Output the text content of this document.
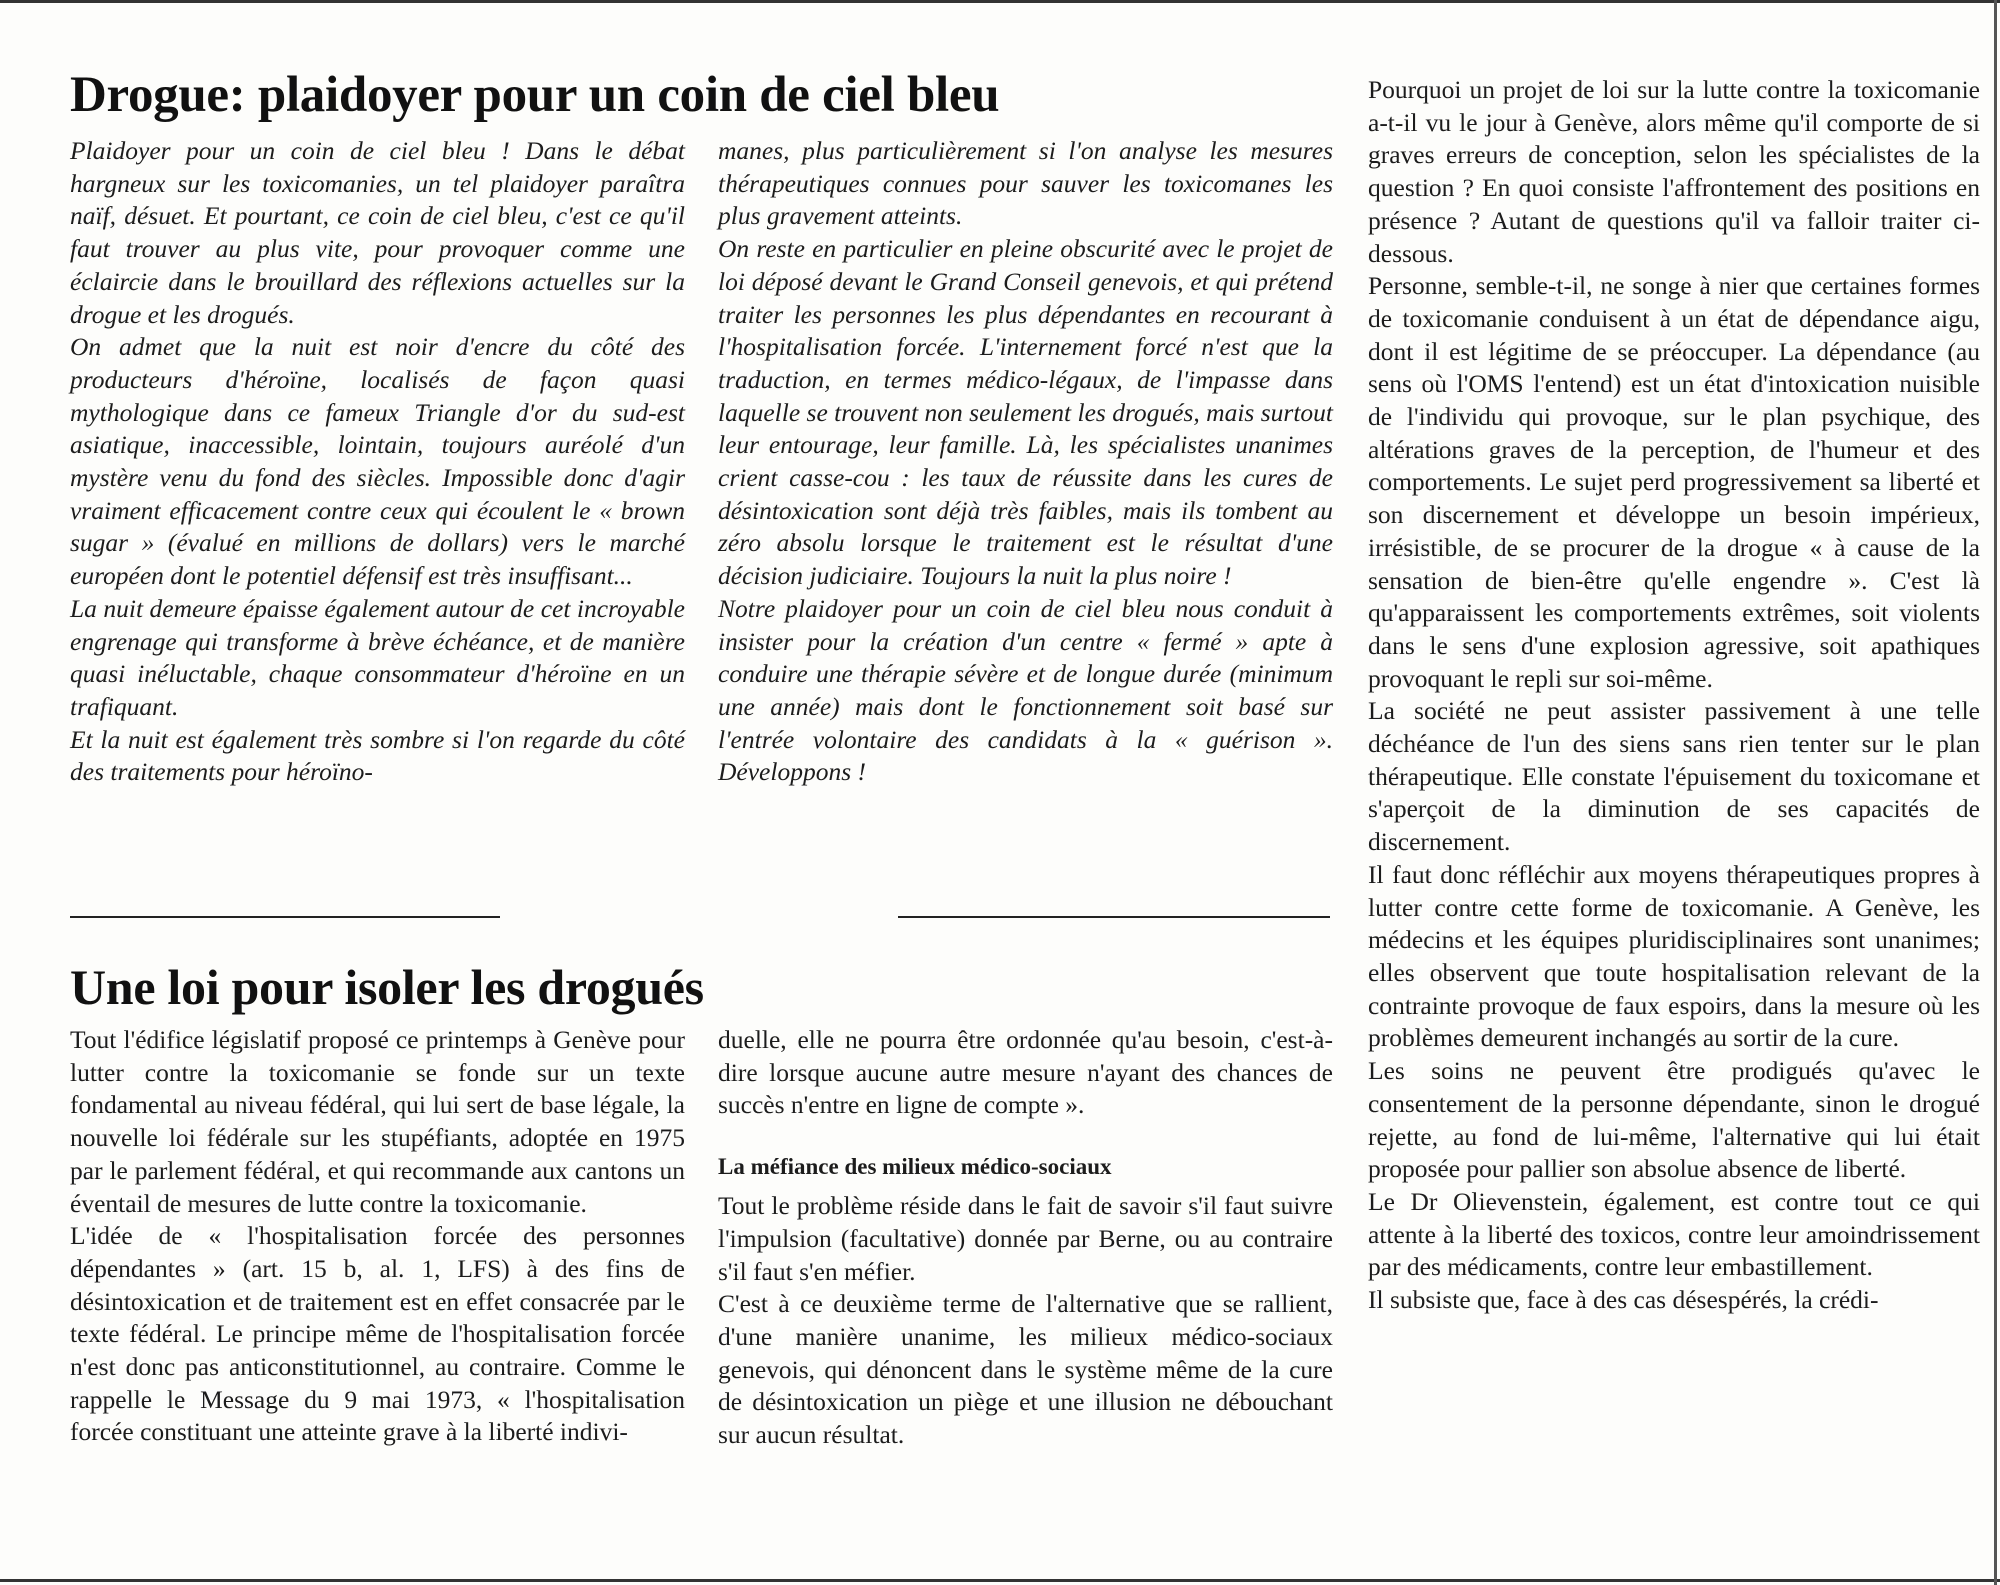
Drogue: plaidoyer pour un coin de ciel bleu

Plaidoyer pour un coin de ciel bleu ! Dans le débat hargneux sur les toxicomanies, un tel plaidoyer paraîtra naïf, désuet. Et pourtant, ce coin de ciel bleu, c'est ce qu'il faut trouver au plus vite, pour provoquer comme une éclaircie dans le brouillard des réflexions actuelles sur la drogue et les drogués.

On admet que la nuit est noir d'encre du côté des producteurs d'héroïne, localisés de façon quasi mythologique dans ce fameux Triangle d'or du sud-est asiatique, inaccessible, lointain, toujours auréolé d'un mystère venu du fond des siècles. Impossible donc d'agir vraiment efficacement contre ceux qui écoulent le « brown sugar » (évalué en millions de dollars) vers le marché européen dont le potentiel défensif est très insuffisant...

La nuit demeure épaisse également autour de cet incroyable engrenage qui transforme à brève échéance, et de manière quasi inéluctable, chaque consommateur d'héroïne en un trafiquant.

Et la nuit est également très sombre si l'on regarde du côté des traitements pour héroïno-

manes, plus particulièrement si l'on analyse les mesures thérapeutiques connues pour sauver les toxicomanes les plus gravement atteints.

On reste en particulier en pleine obscurité avec le projet de loi déposé devant le Grand Conseil genevois, et qui prétend traiter les personnes les plus dépendantes en recourant à l'hospitalisation forcée. L'internement forcé n'est que la traduction, en termes médico-légaux, de l'impasse dans laquelle se trouvent non seulement les drogués, mais surtout leur entourage, leur famille. Là, les spécialistes unanimes crient casse-cou : les taux de réussite dans les cures de désintoxication sont déjà très faibles, mais ils tombent au zéro absolu lorsque le traitement est le résultat d'une décision judiciaire. Toujours la nuit la plus noire !

Notre plaidoyer pour un coin de ciel bleu nous conduit à insister pour la création d'un centre « fermé » apte à conduire une thérapie sévère et de longue durée (minimum une année) mais dont le fonctionnement soit basé sur l'entrée volontaire des candidats à la « guérison ». Développons !

Une loi pour isoler les drogués

Tout l'édifice législatif proposé ce printemps à Genève pour lutter contre la toxicomanie se fonde sur un texte fondamental au niveau fédéral, qui lui sert de base légale, la nouvelle loi fédérale sur les stupéfiants, adoptée en 1975 par le parlement fédéral, et qui recommande aux cantons un éventail de mesures de lutte contre la toxicomanie.

L'idée de « l'hospitalisation forcée des personnes dépendantes » (art. 15 b, al. 1, LFS) à des fins de désintoxication et de traitement est en effet consacrée par le texte fédéral. Le principe même de l'hospitalisation forcée n'est donc pas anticonstitutionnel, au contraire. Comme le rappelle le Message du 9 mai 1973, « l'hospitalisation forcée constituant une atteinte grave à la liberté indivi-

duelle, elle ne pourra être ordonnée qu'au besoin, c'est-à-dire lorsque aucune autre mesure n'ayant des chances de succès n'entre en ligne de compte ».

La méfiance des milieux médico-sociaux

Tout le problème réside dans le fait de savoir s'il faut suivre l'impulsion (facultative) donnée par Berne, ou au contraire s'il faut s'en méfier.

C'est à ce deuxième terme de l'alternative que se rallient, d'une manière unanime, les milieux médico-sociaux genevois, qui dénoncent dans le système même de la cure de désintoxication un piège et une illusion ne débouchant sur aucun résultat.

Pourquoi un projet de loi sur la lutte contre la toxicomanie a-t-il vu le jour à Genève, alors même qu'il comporte de si graves erreurs de conception, selon les spécialistes de la question ? En quoi consiste l'affrontement des positions en présence ? Autant de questions qu'il va falloir traiter ci-dessous.

Personne, semble-t-il, ne songe à nier que certaines formes de toxicomanie conduisent à un état de dépendance aigu, dont il est légitime de se préoccuper. La dépendance (au sens où l'OMS l'entend) est un état d'intoxication nuisible de l'individu qui provoque, sur le plan psychique, des altérations graves de la perception, de l'humeur et des comportements. Le sujet perd progressivement sa liberté et son discernement et développe un besoin impérieux, irrésistible, de se procurer de la drogue « à cause de la sensation de bien-être qu'elle engendre ». C'est là qu'apparaissent les comportements extrêmes, soit violents dans le sens d'une explosion agressive, soit apathiques provoquant le repli sur soi-même.

La société ne peut assister passivement à une telle déchéance de l'un des siens sans rien tenter sur le plan thérapeutique. Elle constate l'épuisement du toxicomane et s'aperçoit de la diminution de ses capacités de discernement.

Il faut donc réfléchir aux moyens thérapeutiques propres à lutter contre cette forme de toxicomanie. A Genève, les médecins et les équipes pluridisciplinaires sont unanimes; elles observent que toute hospitalisation relevant de la contrainte provoque de faux espoirs, dans la mesure où les problèmes demeurent inchangés au sortir de la cure.

Les soins ne peuvent être prodigués qu'avec le consentement de la personne dépendante, sinon le drogué rejette, au fond de lui-même, l'alternative qui lui était proposée pour pallier son absolue absence de liberté.

Le Dr Olievenstein, également, est contre tout ce qui attente à la liberté des toxicos, contre leur amoindrissement par des médicaments, contre leur embastillement.

Il subsiste que, face à des cas désespérés, la crédi-
